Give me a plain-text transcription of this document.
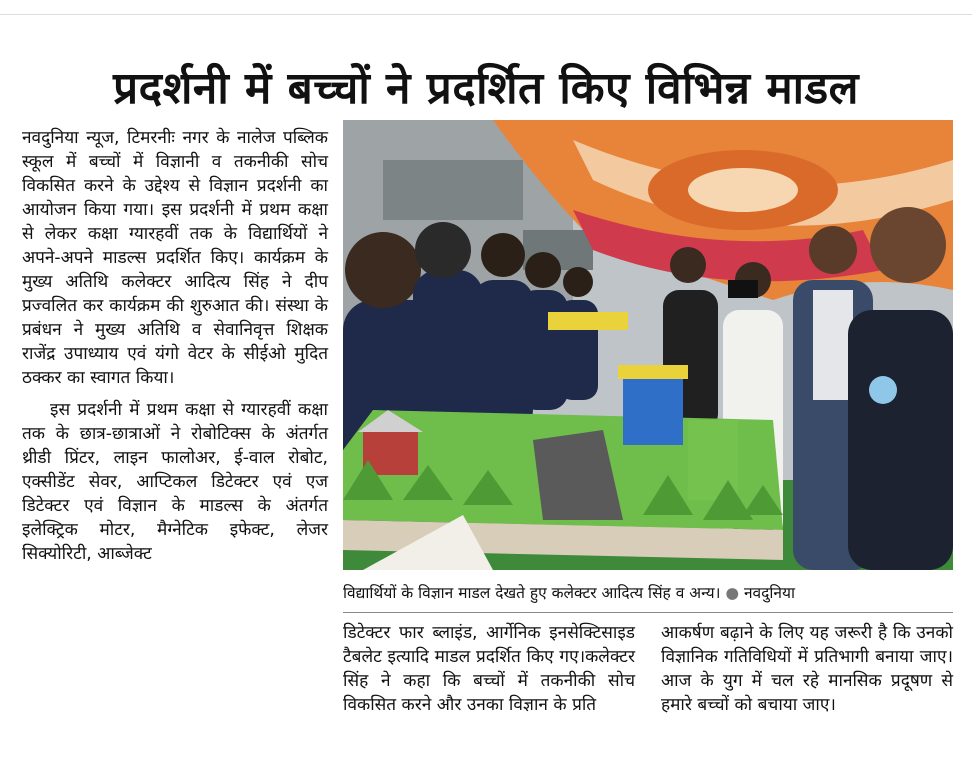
प्रदर्शनी में बच्चों ने प्रदर्शित किए विभिन्न माडल

नवदुनिया न्यूज, टिमरनीः नगर के नालेज पब्लिक स्कूल में बच्चों में विज्ञानी व तकनीकी सोच विकसित करने के उद्देश्य से विज्ञान प्रदर्शनी का आयोजन किया गया। इस प्रदर्शनी में प्रथम कक्षा से लेकर कक्षा ग्यारहवीं तक के विद्यार्थियों ने अपने-अपने माडल्स प्रदर्शित किए। कार्यक्रम के मुख्य अतिथि कलेक्टर आदित्य सिंह ने दीप प्रज्वलित कर कार्यक्रम की शुरुआत की। संस्था के प्रबंधन ने मुख्य अतिथि व सेवानिवृत्त शिक्षक राजेंद्र उपाध्याय एवं यंगो वेटर के सीईओ मुदित ठक्कर का स्वागत किया।

इस प्रदर्शनी में प्रथम कक्षा से ग्यारहवीं कक्षा तक के छात्र-छात्राओं ने रोबोटिक्स के अंतर्गत थ्रीडी प्रिंटर, लाइन फालोअर, ई-वाल रोबोट, एक्सीडेंट सेवर, आप्टिकल डिटेक्टर एवं एज डिटेक्टर एवं विज्ञान के माडल्स के अंतर्गत इलेक्ट्रिक मोटर, मैग्नेटिक इफेक्ट, लेजर सिक्योरिटी, आब्जेक्ट

विद्यार्थियों के विज्ञान माडल देखते हुए कलेक्टर आदित्य सिंह व अन्य। ● नवदुनिया

डिटेक्टर फार ब्लाइंड, आर्गेनिक इनसेक्टिसाइड टैबलेट इत्यादि माडल प्रदर्शित किए गए।कलेक्टर सिंह ने कहा कि बच्चों में तकनीकी सोच विकसित करने और उनका विज्ञान के प्रति

आकर्षण बढ़ाने के लिए यह जरूरी है कि उनको विज्ञानिक गतिविधियों में प्रतिभागी बनाया जाए। आज के युग में चल रहे मानसिक प्रदूषण से हमारे बच्चों को बचाया जाए।
